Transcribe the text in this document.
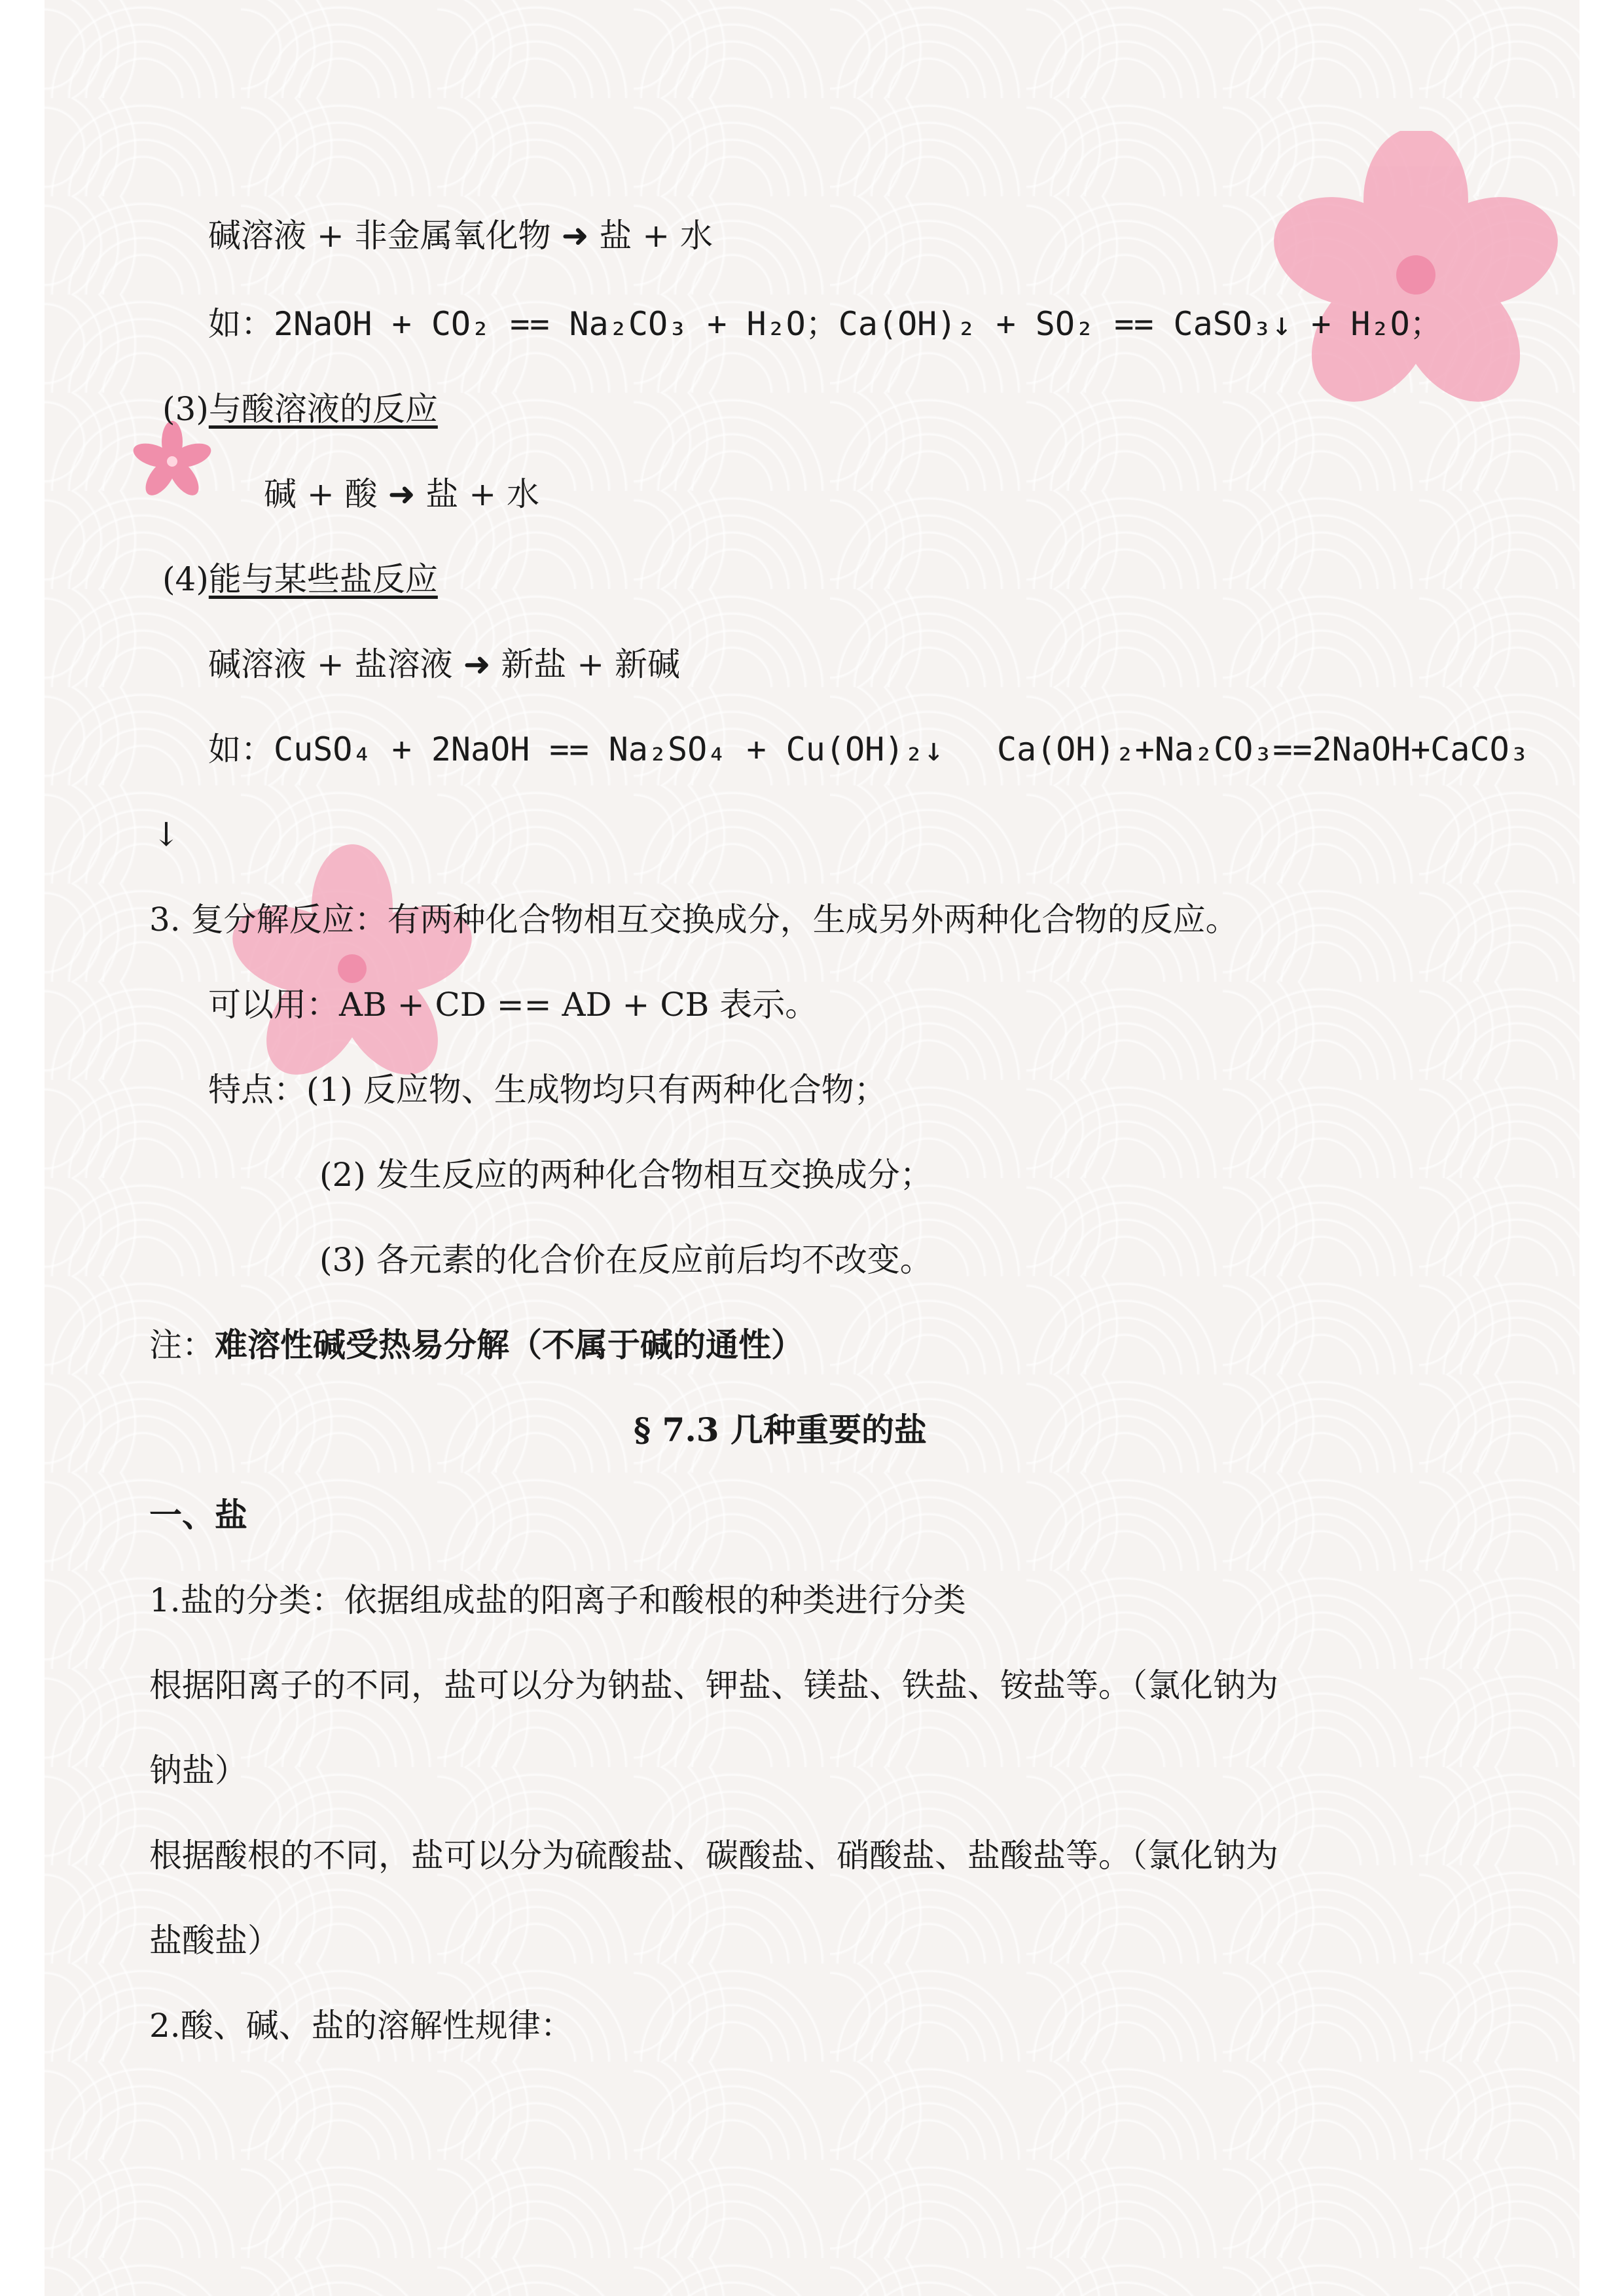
碱溶液 + 非金属氧化物 ➜ 盐 + 水
如：2NaOH + CO₂ == Na₂CO₃ + H₂O；Ca(OH)₂ + SO₂ == CaSO₃↓ + H₂O；
(3)与酸溶液的反应
碱 + 酸 ➜ 盐 + 水
(4)能与某些盐反应
碱溶液 + 盐溶液 ➜ 新盐 + 新碱
如：CuSO₄ + 2NaOH == Na₂SO₄ + Cu(OH)₂↓ Ca(OH)₂+Na₂CO₃==2NaOH+CaCO₃
↓
3. 复分解反应：有两种化合物相互交换成分，生成另外两种化合物的反应。
可以用：AB + CD == AD + CB 表示。
特点：(1) 反应物、生成物均只有两种化合物；
(2) 发生反应的两种化合物相互交换成分；
(3) 各元素的化合价在反应前后均不改变。
注：难溶性碱受热易分解（不属于碱的通性）
§ 7.3 几种重要的盐
一、盐
1.盐的分类：依据组成盐的阳离子和酸根的种类进行分类
根据阳离子的不同，盐可以分为钠盐、钾盐、镁盐、铁盐、铵盐等。（氯化钠为
钠盐）
根据酸根的不同，盐可以分为硫酸盐、碳酸盐、硝酸盐、盐酸盐等。（氯化钠为
盐酸盐）
2.酸、碱、盐的溶解性规律：
